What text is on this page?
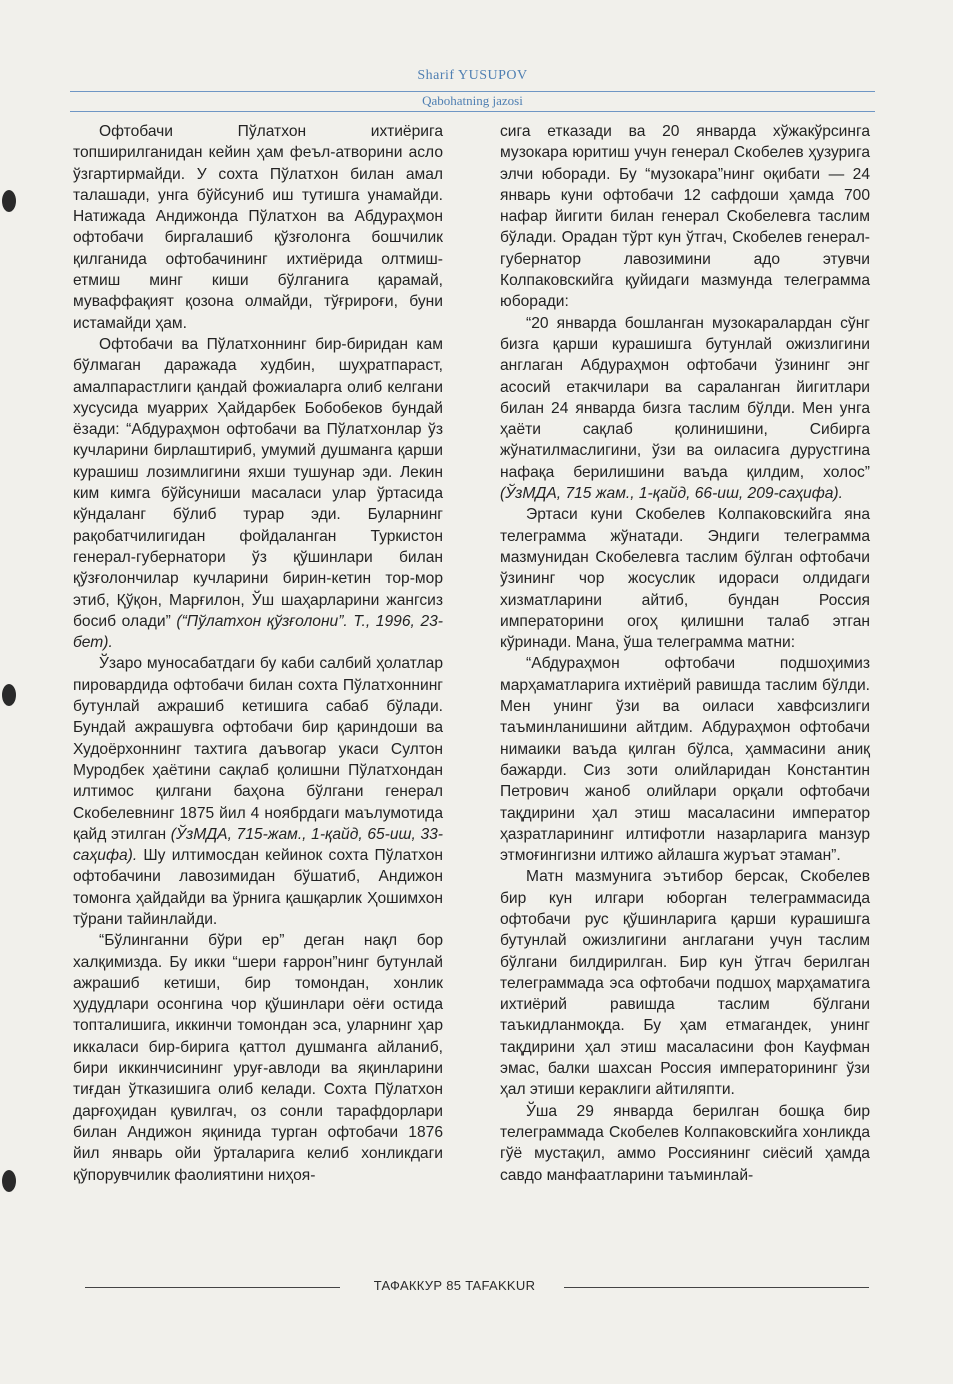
Sharif YUSUPOV
Qabohatning jazosi

Офтобачи Пўлатхон ихтиёрига топширилганидан кейин ҳам феъл-атворини асло ўзгартирмайди. У сохта Пўлатхон билан амал талашади, унга бўйсуниб иш тутишга унамайди. Натижада Андижонда Пўлатхон ва Абдураҳмон офтобачи биргалашиб қўзғолонга бошчилик қилганида офтобачининг ихтиёрида олтмиш-етмиш минг киши бўлганига қарамай, муваффақият қозона олмайди, тўғрироғи, буни истамайди ҳам.

Офтобачи ва Пўлатхоннинг бир-биридан кам бўлмаган даражада худбин, шуҳратпараст, амалпарастлиги қандай фожиаларга олиб келгани хусусида муаррих Ҳайдарбек Бобобеков бундай ёзади: “Абдураҳмон офтобачи ва Пўлатхонлар ўз кучларини бирлаштириб, умумий душманга қарши курашиш лозимлигини яхши тушунар эди. Лекин ким кимга бўйсуниши масаласи улар ўртасида кўндаланг бўлиб турар эди. Буларнинг рақобатчилигидан фойдаланган Туркистон генерал-губернатори ўз қўшинлари билан қўзғолончилар кучларини бирин-кетин тор-мор этиб, Қўқон, Марғилон, Ўш шаҳарларини жангсиз босиб олади” (“Пўлатхон қўзғолони”. Т., 1996, 23-бет).

Ўзаро муносабатдаги бу каби салбий ҳолатлар пировардида офтобачи билан сохта Пўлатхоннинг бутунлай ажрашиб кетишига сабаб бўлади. Бундай ажрашувга офтобачи бир қариндоши ва Худоёрхоннинг тахтига даъвогар укаси Султон Муродбек ҳаётини сақлаб қолишни Пўлатхондан илтимос қилгани баҳона бўлгани генерал Скобелевнинг 1875 йил 4 ноябрдаги маълумотида қайд этилган (ЎзМДА, 715-жам., 1-қайд, 65-иш, 33-саҳифа). Шу илтимосдан кейинок сохта Пўлатхон офтобачини лавозимидан бўшатиб, Андижон томонга ҳайдайди ва ўрнига қашқарлик Ҳошимхон тўрани тайинлайди.

“Бўлинганни бўри ер” деган нақл бор халқимизда. Бу икки “шери ғаррон”нинг бутунлай ажрашиб кетиши, бир томондан, хонлик ҳудудлари осонгина чор қўшинлари оёғи остида топталишига, иккинчи томондан эса, уларнинг ҳар иккаласи бир-бирига қаттол душманга айланиб, бири иккинчисининг уруғ-авлоди ва яқинларини тиғдан ўтказишига олиб келади. Сохта Пўлатхон дарғоҳидан қувилгач, оз сонли тарафдорлари билан Андижон яқинида турган офтобачи 1876 йил январь ойи ўрталарига келиб хонликдаги қўпорувчилик фаолиятини ниҳоя-

сига етказади ва 20 январда хўжакўрсинга музокара юритиш учун генерал Скобелев ҳузурига элчи юборади. Бу “музокара”нинг оқибати — 24 январь куни офтобачи 12 сафдоши ҳамда 700 нафар йигити билан генерал Скобелевга таслим бўлади. Орадан тўрт кун ўтгач, Скобелев генерал-губернатор лавозимини адо этувчи Колпаковскийга қуйидаги мазмунда телеграмма юборади:

“20 январда бошланган музокаралардан сўнг бизга қарши курашишга бутунлай ожизлигини англаган Абдураҳмон офтобачи ўзининг энг асосий етакчилари ва сараланган йигитлари билан 24 январда бизга таслим бўлди. Мен унга ҳаёти сақлаб қолинишини, Сибирга жўнатилмаслигини, ўзи ва оиласига дурустгина нафақа берилишини ваъда қилдим, холос” (ЎзМДА, 715 жам., 1-қайд, 66-иш, 209-саҳифа).

Эртаси куни Скобелев Колпаковскийга яна телеграмма жўнатади. Эндиги телеграмма мазмунидан Скобелевга таслим бўлган офтобачи ўзининг чор жосуслик идораси олдидаги хизматларини айтиб, бундан Россия императорини огоҳ қилишни талаб этган кўринади. Мана, ўша телеграмма матни:

“Абдураҳмон офтобачи подшоҳимиз марҳаматларига ихтиёрий равишда таслим бўлди. Мен унинг ўзи ва оиласи хавфсизлиги таъминланишини айтдим. Абдураҳмон офтобачи нимаики ваъда қилган бўлса, ҳаммасини аниқ бажарди. Сиз зоти олийларидан Константин Петрович жаноб олийлари орқали офтобачи тақдирини ҳал этиш масаласини император ҳазратларининг илтифотли назарларига манзур этмоғингизни илтижо айлашга журъат этаман”.

Матн мазмунига эътибор берсак, Скобелев бир кун илгари юборган телеграммасида офтобачи рус қўшинларига қарши курашишга бутунлай ожизлигини англагани учун таслим бўлгани билдирилган. Бир кун ўтгач берилган телеграммада эса офтобачи подшоҳ марҳаматига ихтиёрий равишда таслим бўлгани таъкидланмоқда. Бу ҳам етмагандек, унинг тақдирини ҳал этиш масаласини фон Кауфман эмас, балки шахсан Россия императорининг ўзи ҳал этиши кераклиги айтиляпти.

Ўша 29 январда берилган бошқа бир телеграммада Скобелев Колпаковскийга хонликда гўё мустақил, аммо Россиянинг сиёсий ҳамда савдо манфаатларини таъминлай-

ТАФАККУР 85 TAFAKKUR
